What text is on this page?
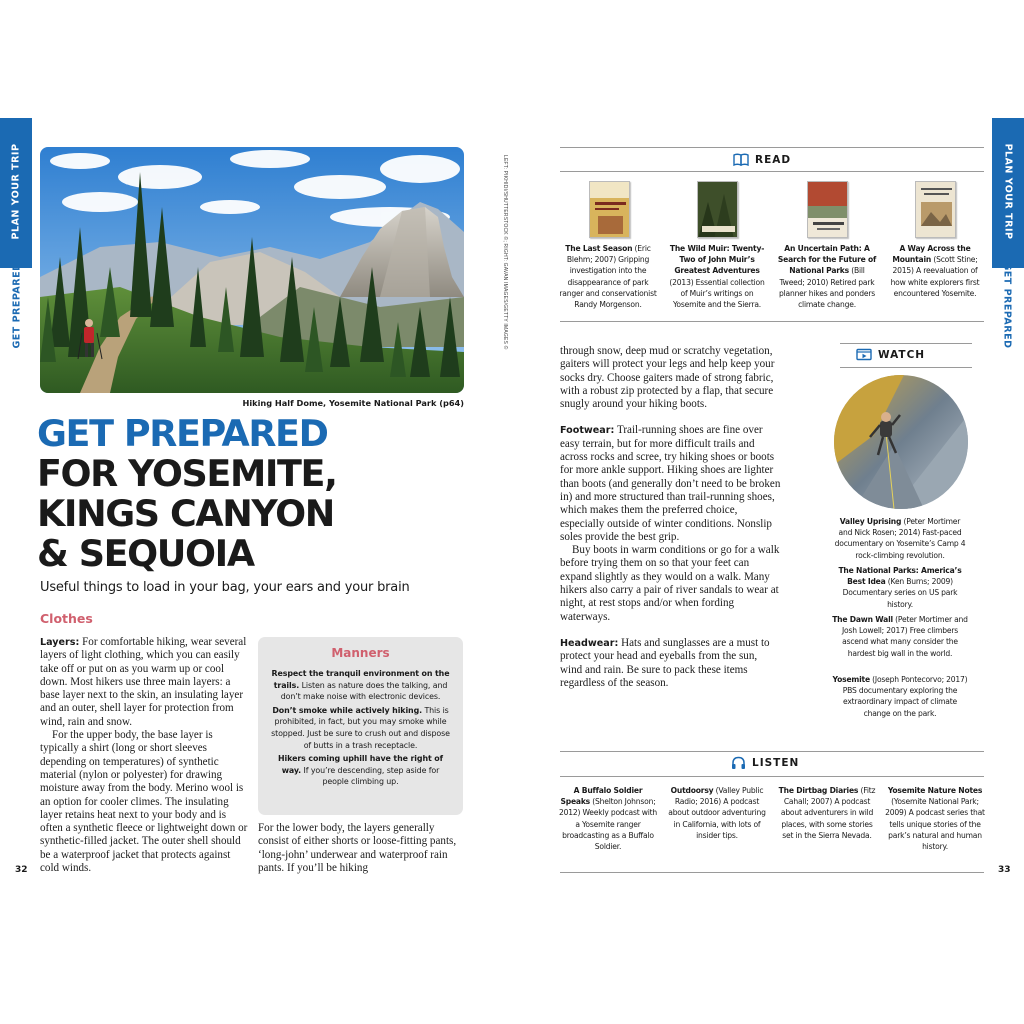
PLAN YOUR TRIP
GET PREPARED
PLAN YOUR TRIP
GET PREPARED
32	33
LEFT: PIKHIDI/SHUTTERSTOCK ©; RIGHT: GAVAN IMAGES/GETTY IMAGES ©
Hiking Half Dome, Yosemite National Park (p64)
GET PREPARED
FOR YOSEMITE,
KINGS CANYON
& SEQUOIA
Useful things to load in your bag, your ears and your brain
Clothes

Layers: For comfortable hiking, wear several layers of light clothing, which you can easily take off or put on as you warm up or cool down. Most hikers use three main layers: a base layer next to the skin, an insulating layer and an outer, shell layer for protection from wind, rain and snow.

For the upper body, the base layer is typically a shirt (long or short sleeves depending on temperatures) of synthetic material (nylon or polyester) for drawing moisture away from the body. Merino wool is an option for cooler climes. The insulating layer retains heat next to your body and is often a synthetic fleece or lightweight down or synthetic-filled jacket. The outer shell should be a waterproof jacket that protects against cold winds.

Manners

Respect the tranquil environment on the trails. Listen as nature does the talking, and don’t make noise with electronic devices.

Don’t smoke while actively hiking. This is prohibited, in fact, but you may smoke while stopped. Just be sure to crush out and dispose of butts in a trash receptacle.

Hikers coming uphill have the right of way. If you’re descending, step aside for people climbing up.

For the lower body, the layers generally consist of either shorts or loose-fitting pants, ‘long-john’ underwear and waterproof rain pants. If you’ll be hiking

READ
The Last Season (Eric Blehm; 2007) Gripping investigation into the disappearance of park ranger and conservationist Randy Morgenson.
The Wild Muir: Twenty-Two of John Muir’s Greatest Adventures (2013) Essential collection of Muir’s writings on Yosemite and the Sierra.
An Uncertain Path: A Search for the Future of National Parks (Bill Tweed; 2010) Retired park planner hikes and ponders climate change.
A Way Across the Mountain (Scott Stine; 2015) A reevaluation of how white explorers first encountered Yosemite.

through snow, deep mud or scratchy vegetation, gaiters will protect your legs and help keep your socks dry. Choose gaiters made of strong fabric, with a robust zip protected by a flap, that secure snugly around your hiking boots.

Footwear: Trail-running shoes are fine over easy terrain, but for more difficult trails and across rocks and scree, try hiking shoes or boots for more ankle support. Hiking shoes are lighter than boots (and generally don’t need to be broken in) and more structured than trail-running shoes, which makes them the preferred choice, especially outside of winter conditions. Nonslip soles provide the best grip.

Buy boots in warm conditions or go for a walk before trying them on so that your feet can expand slightly as they would on a walk. Many hikers also carry a pair of river sandals to wear at night, at rest stops and/or when fording waterways.

Headwear: Hats and sunglasses are a must to protect your head and eyeballs from the sun, wind and rain. Be sure to pack these items regardless of the season.

WATCH
Valley Uprising (Peter Mortimer and Nick Rosen; 2014) Fast-paced documentary on Yosemite’s Camp 4 rock-climbing revolution.
The National Parks: America’s Best Idea (Ken Burns; 2009) Documentary series on US park history.
The Dawn Wall (Peter Mortimer and Josh Lowell; 2017) Free climbers ascend what many consider the hardest big wall in the world.
Yosemite (Joseph Pontecorvo; 2017) PBS documentary exploring the extraordinary impact of climate change on the park.
LISTEN
A Buffalo Soldier Speaks (Shelton Johnson; 2012) Weekly podcast with a Yosemite ranger broadcasting as a Buffalo Soldier.
Outdoorsy (Valley Public Radio; 2016) A podcast about outdoor adventuring in California, with lots of insider tips.
The Dirtbag Diaries (Fitz Cahall; 2007) A podcast about adventurers in wild places, with some stories set in the Sierra Nevada.
Yosemite Nature Notes (Yosemite National Park; 2009) A podcast series that tells unique stories of the park’s natural and human history.
